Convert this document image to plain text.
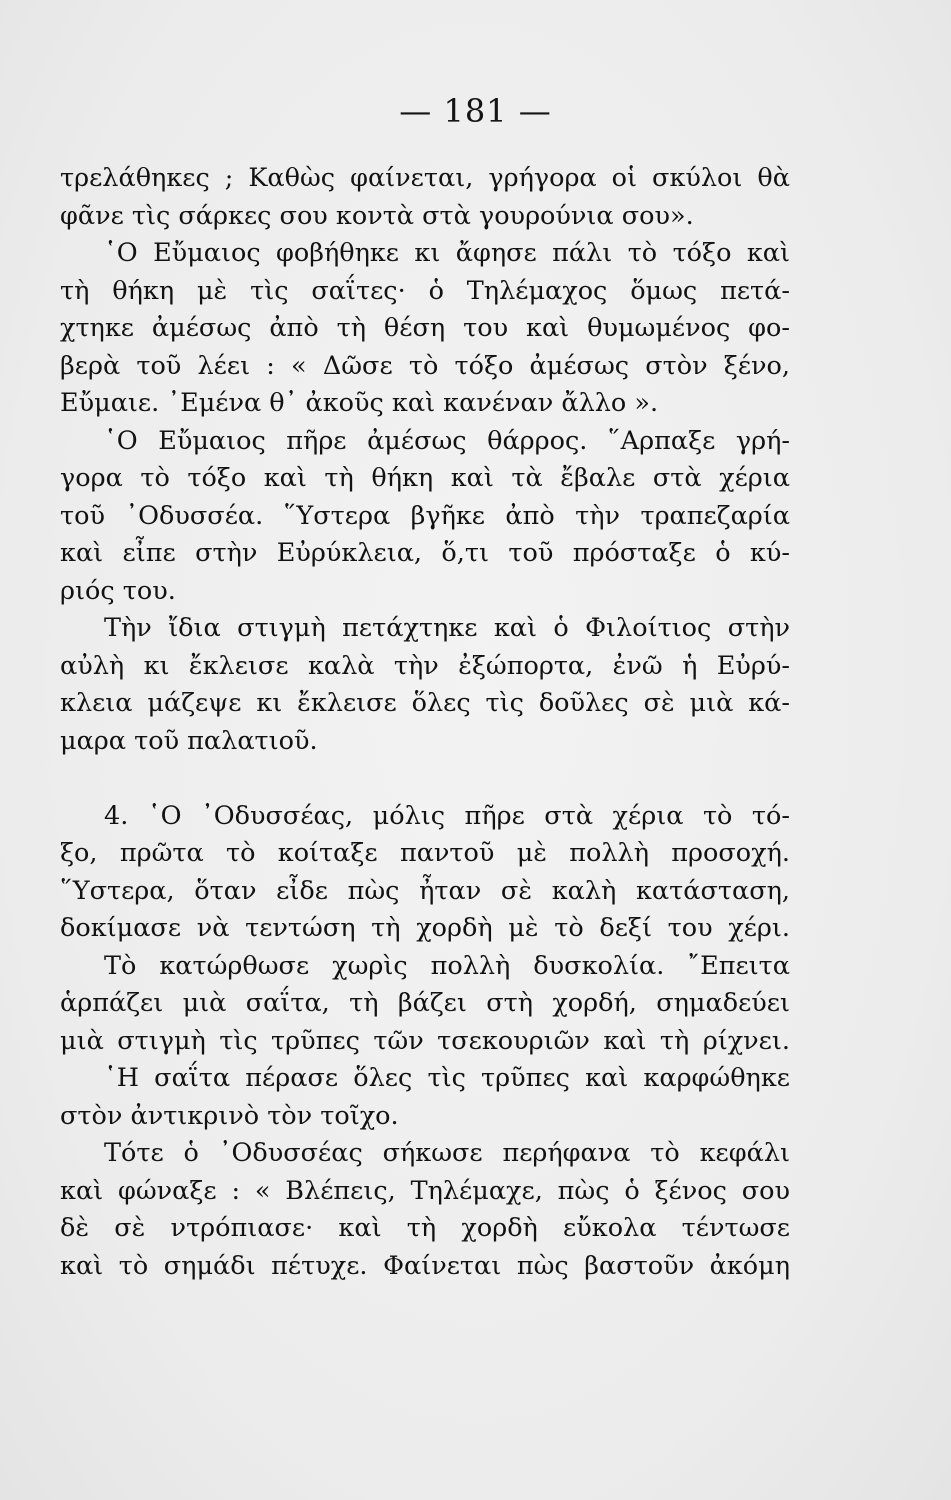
— 181 —
τρελάθηκες ; Καθὼς φαίνεται, γρήγορα οἱ σκύλοι θὰ
φᾶνε τὶς σάρκες σου κοντὰ στὰ γουρούνια σου».
῾Ο Εὔμαιος φοβήθηκε κι ἄφησε πάλι τὸ τόξο καὶ
τὴ θήκη μὲ τὶς σαΐτες· ὁ Τηλέμαχος ὅμως πετά-
χτηκε ἀμέσως ἀπὸ τὴ θέση του καὶ θυμωμένος φο-
βερὰ τοῦ λέει : « Δῶσε τὸ τόξο ἀμέσως στὸν ξένο,
Εὔμαιε. ᾿Εμένα θ᾿ ἀκοῦς καὶ κανέναν ἄλλο ».
῾Ο Εὔμαιος πῆρε ἀμέσως θάρρος. ῞Αρπαξε γρή-
γορα τὸ τόξο καὶ τὴ θήκη καὶ τὰ ἔβαλε στὰ χέρια
τοῦ ᾿Οδυσσέα. ῞Υστερα βγῆκε ἀπὸ τὴν τραπεζαρία
καὶ εἶπε στὴν Εὐρύκλεια, ὅ,τι τοῦ πρόσταξε ὁ κύ-
ριός του.
Τὴν ἴδια στιγμὴ πετάχτηκε καὶ ὁ Φιλοίτιος στὴν
αὐλὴ κι ἔκλεισε καλὰ τὴν ἐξώπορτα, ἐνῶ ἡ Εὐρύ-
κλεια μάζεψε κι ἔκλεισε ὅλες τὶς δοῦλες σὲ μιὰ κά-
μαρα τοῦ παλατιοῦ.
4. ῾Ο ᾿Οδυσσέας, μόλις πῆρε στὰ χέρια τὸ τό-
ξο, πρῶτα τὸ κοίταξε παντοῦ μὲ πολλὴ προσοχή.
῞Υστερα, ὅταν εἶδε πὼς ἦταν σὲ καλὴ κατάσταση,
δοκίμασε νὰ τεντώση τὴ χορδὴ μὲ τὸ δεξί του χέρι.
Τὸ κατώρθωσε χωρὶς πολλὴ δυσκολία. ῎Επειτα
ἁρπάζει μιὰ σαΐτα, τὴ βάζει στὴ χορδή, σημαδεύει
μιὰ στιγμὴ τὶς τρῦπες τῶν τσεκουριῶν καὶ τὴ ρίχνει.
῾Η σαΐτα πέρασε ὅλες τὶς τρῦπες καὶ καρφώθηκε
στὸν ἀντικρινὸ τὸν τοῖχο.
Τότε ὁ ᾿Οδυσσέας σήκωσε περήφανα τὸ κεφάλι
καὶ φώναξε : « Βλέπεις, Τηλέμαχε, πὼς ὁ ξένος σου
δὲ σὲ ντρόπιασε· καὶ τὴ χορδὴ εὔκολα τέντωσε
καὶ τὸ σημάδι πέτυχε. Φαίνεται πὼς βαστοῦν ἀκόμη
